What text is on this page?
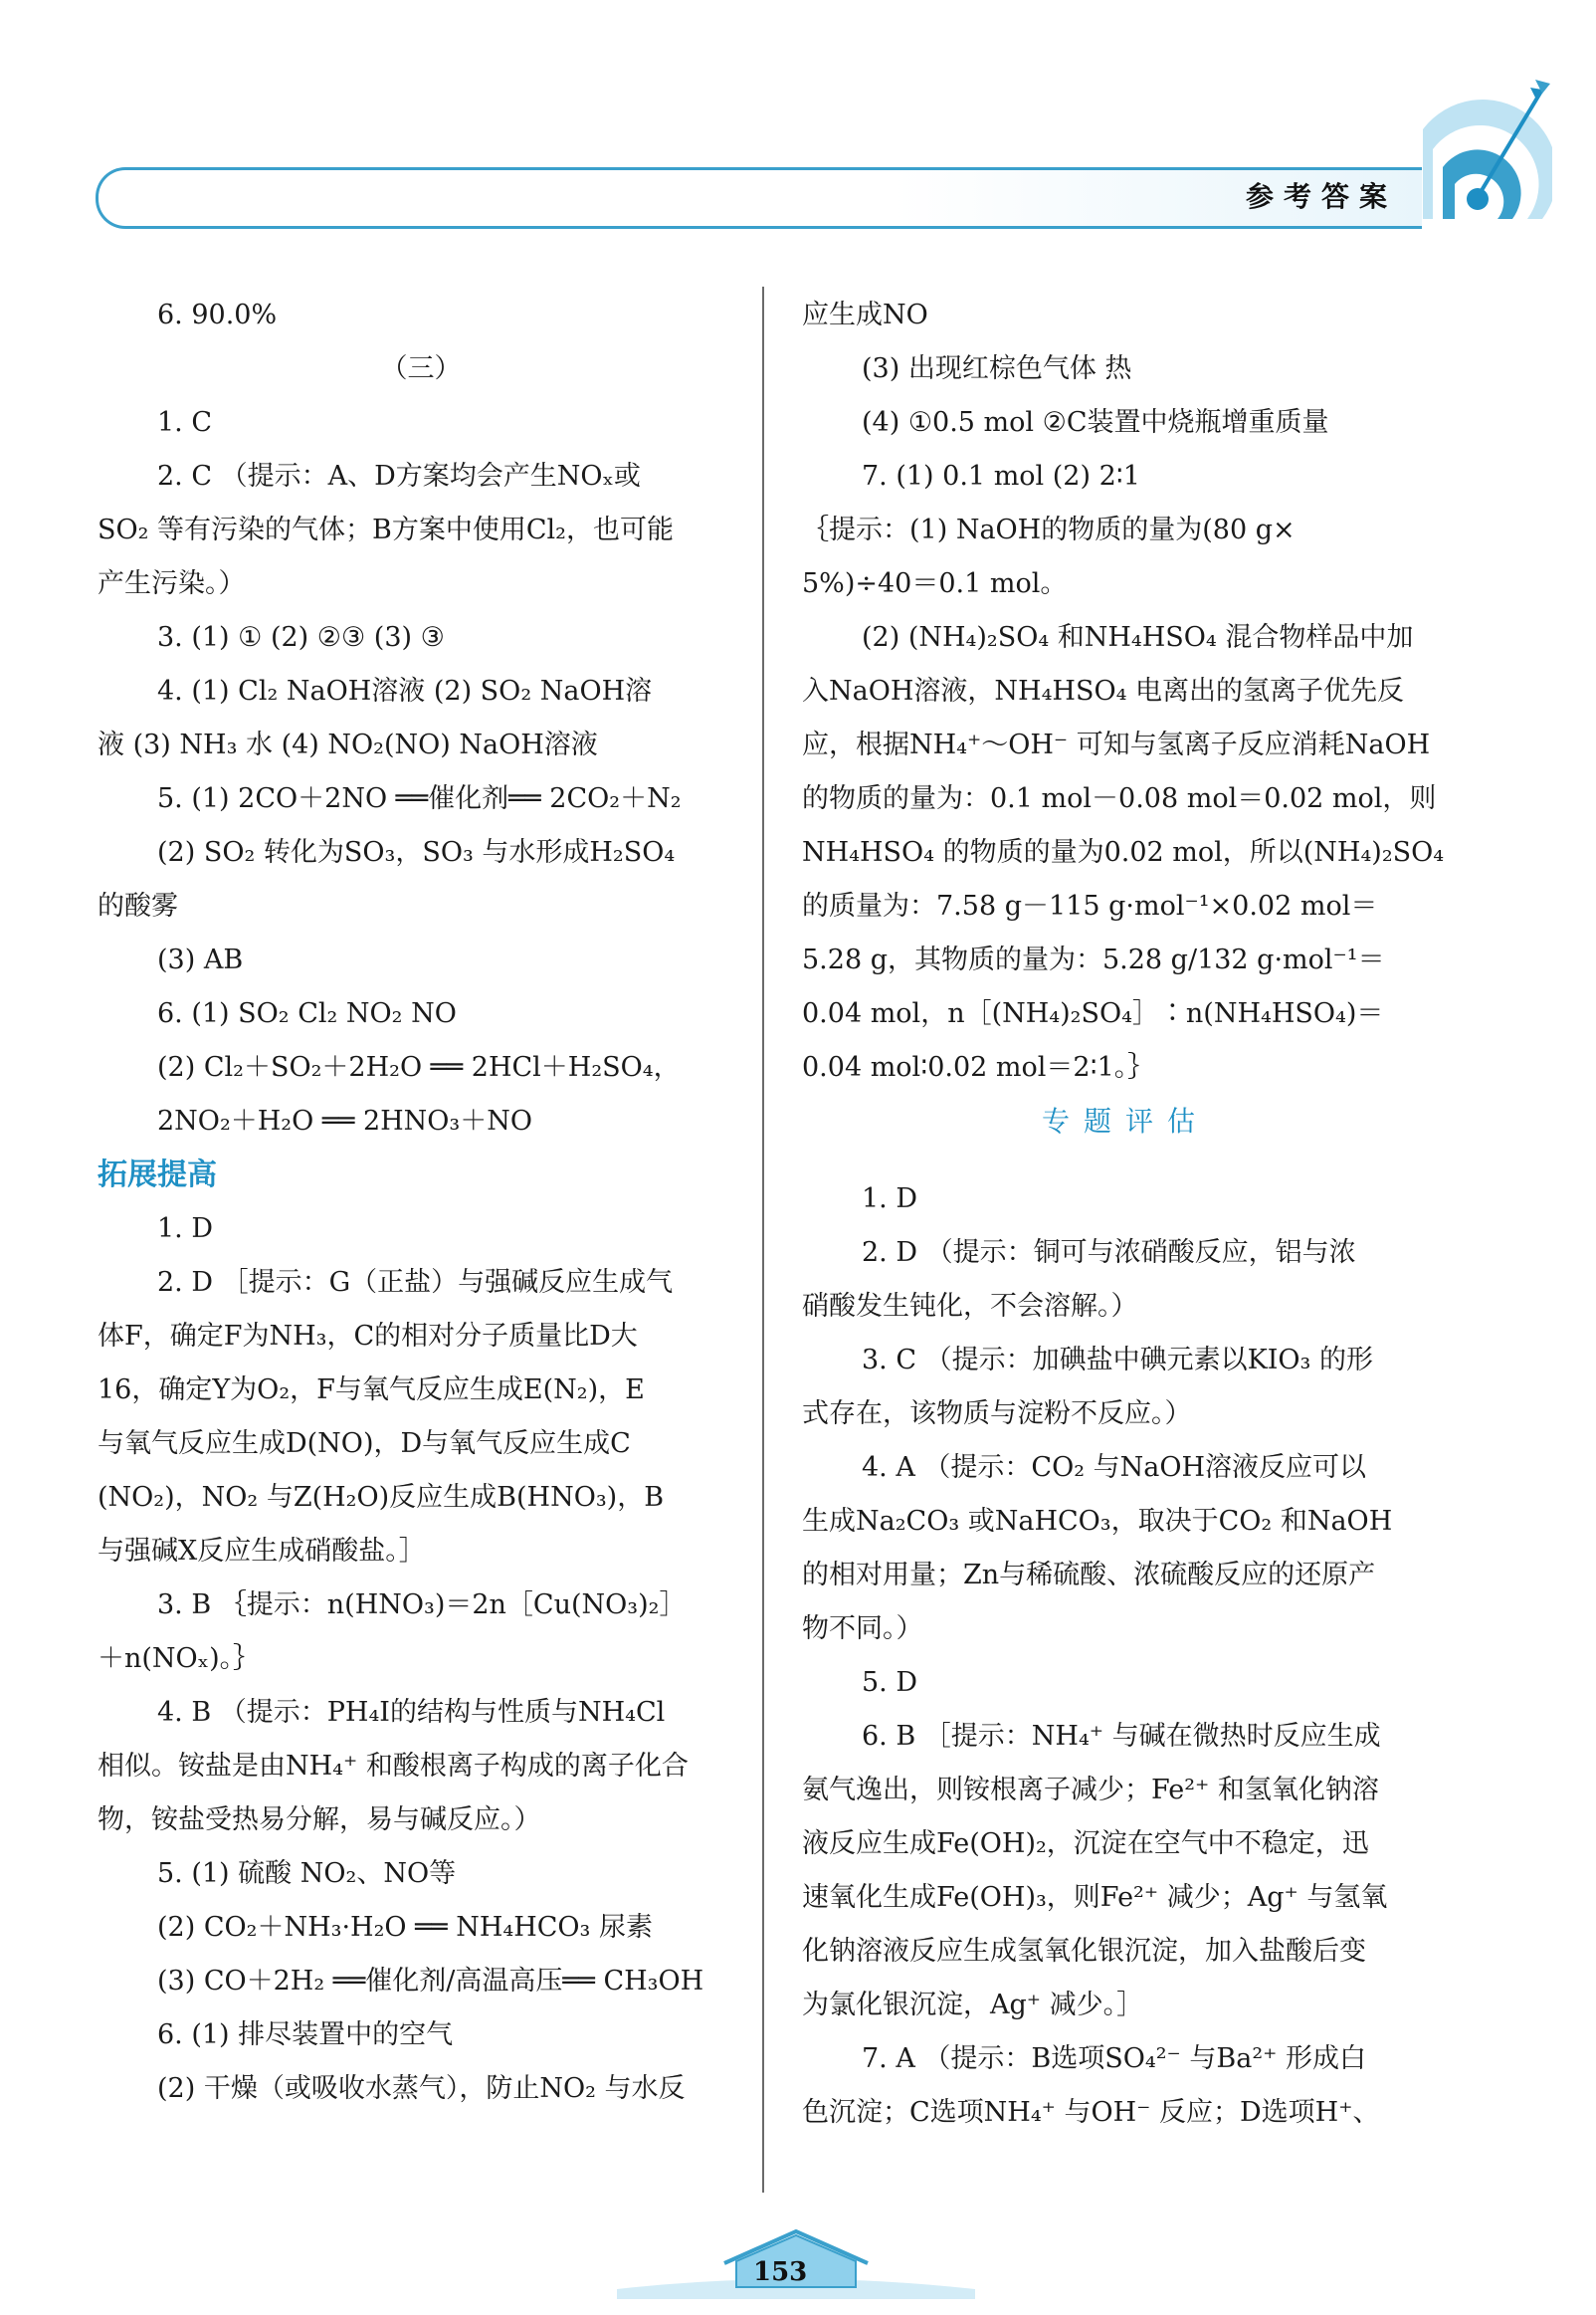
参考答案
6. 90.0%
（三）
1. C
2. C （提示：A、D方案均会产生NOₓ或
SO₂ 等有污染的气体；B方案中使用Cl₂，也可能
产生污染。）
3. (1) ① (2) ②③ (3) ③
4. (1) Cl₂ NaOH溶液 (2) SO₂ NaOH溶
液 (3) NH₃ 水 (4) NO₂(NO) NaOH溶液
5. (1) 2CO＋2NO ══催化剂══ 2CO₂＋N₂
(2) SO₂ 转化为SO₃，SO₃ 与水形成H₂SO₄
的酸雾
(3) AB
6. (1) SO₂ Cl₂ NO₂ NO
(2) Cl₂＋SO₂＋2H₂O ══ 2HCl＋H₂SO₄，
2NO₂＋H₂O ══ 2HNO₃＋NO
拓展提高
1. D
2. D ［提示：G（正盐）与强碱反应生成气
体F，确定F为NH₃，C的相对分子质量比D大
16，确定Y为O₂，F与氧气反应生成E(N₂)，E
与氧气反应生成D(NO)，D与氧气反应生成C
(NO₂)，NO₂ 与Z(H₂O)反应生成B(HNO₃)，B
与强碱X反应生成硝酸盐。］
3. B ｛提示：n(HNO₃)＝2n［Cu(NO₃)₂］
＋n(NOₓ)。｝
4. B （提示：PH₄I的结构与性质与NH₄Cl
相似。铵盐是由NH₄⁺ 和酸根离子构成的离子化合
物，铵盐受热易分解，易与碱反应。）
5. (1) 硫酸 NO₂、NO等
(2) CO₂＋NH₃·H₂O ══ NH₄HCO₃ 尿素
(3) CO＋2H₂ ══催化剂/高温高压══ CH₃OH
6. (1) 排尽装置中的空气
(2) 干燥（或吸收水蒸气），防止NO₂ 与水反
应生成NO
(3) 出现红棕色气体 热
(4) ①0.5 mol ②C装置中烧瓶增重质量
7. (1) 0.1 mol (2) 2∶1
｛提示：(1) NaOH的物质的量为(80 g×
5%)÷40＝0.1 mol。
(2) (NH₄)₂SO₄ 和NH₄HSO₄ 混合物样品中加
入NaOH溶液，NH₄HSO₄ 电离出的氢离子优先反
应，根据NH₄⁺～OH⁻ 可知与氢离子反应消耗NaOH
的物质的量为：0.1 mol－0.08 mol＝0.02 mol，则
NH₄HSO₄ 的物质的量为0.02 mol，所以(NH₄)₂SO₄
的质量为：7.58 g－115 g·mol⁻¹×0.02 mol＝
5.28 g，其物质的量为：5.28 g/132 g·mol⁻¹＝
0.04 mol，n［(NH₄)₂SO₄］∶n(NH₄HSO₄)＝
0.04 mol∶0.02 mol＝2∶1。｝
专题评估
1. D
2. D （提示：铜可与浓硝酸反应，铝与浓
硝酸发生钝化，不会溶解。）
3. C （提示：加碘盐中碘元素以KIO₃ 的形
式存在，该物质与淀粉不反应。）
4. A （提示：CO₂ 与NaOH溶液反应可以
生成Na₂CO₃ 或NaHCO₃，取决于CO₂ 和NaOH
的相对用量；Zn与稀硫酸、浓硫酸反应的还原产
物不同。）
5. D
6. B ［提示：NH₄⁺ 与碱在微热时反应生成
氨气逸出，则铵根离子减少；Fe²⁺ 和氢氧化钠溶
液反应生成Fe(OH)₂，沉淀在空气中不稳定，迅
速氧化生成Fe(OH)₃，则Fe²⁺ 减少；Ag⁺ 与氢氧
化钠溶液反应生成氢氧化银沉淀，加入盐酸后变
为氯化银沉淀，Ag⁺ 减少。］
7. A （提示：B选项SO₄²⁻ 与Ba²⁺ 形成白
色沉淀；C选项NH₄⁺ 与OH⁻ 反应；D选项H⁺、
153
